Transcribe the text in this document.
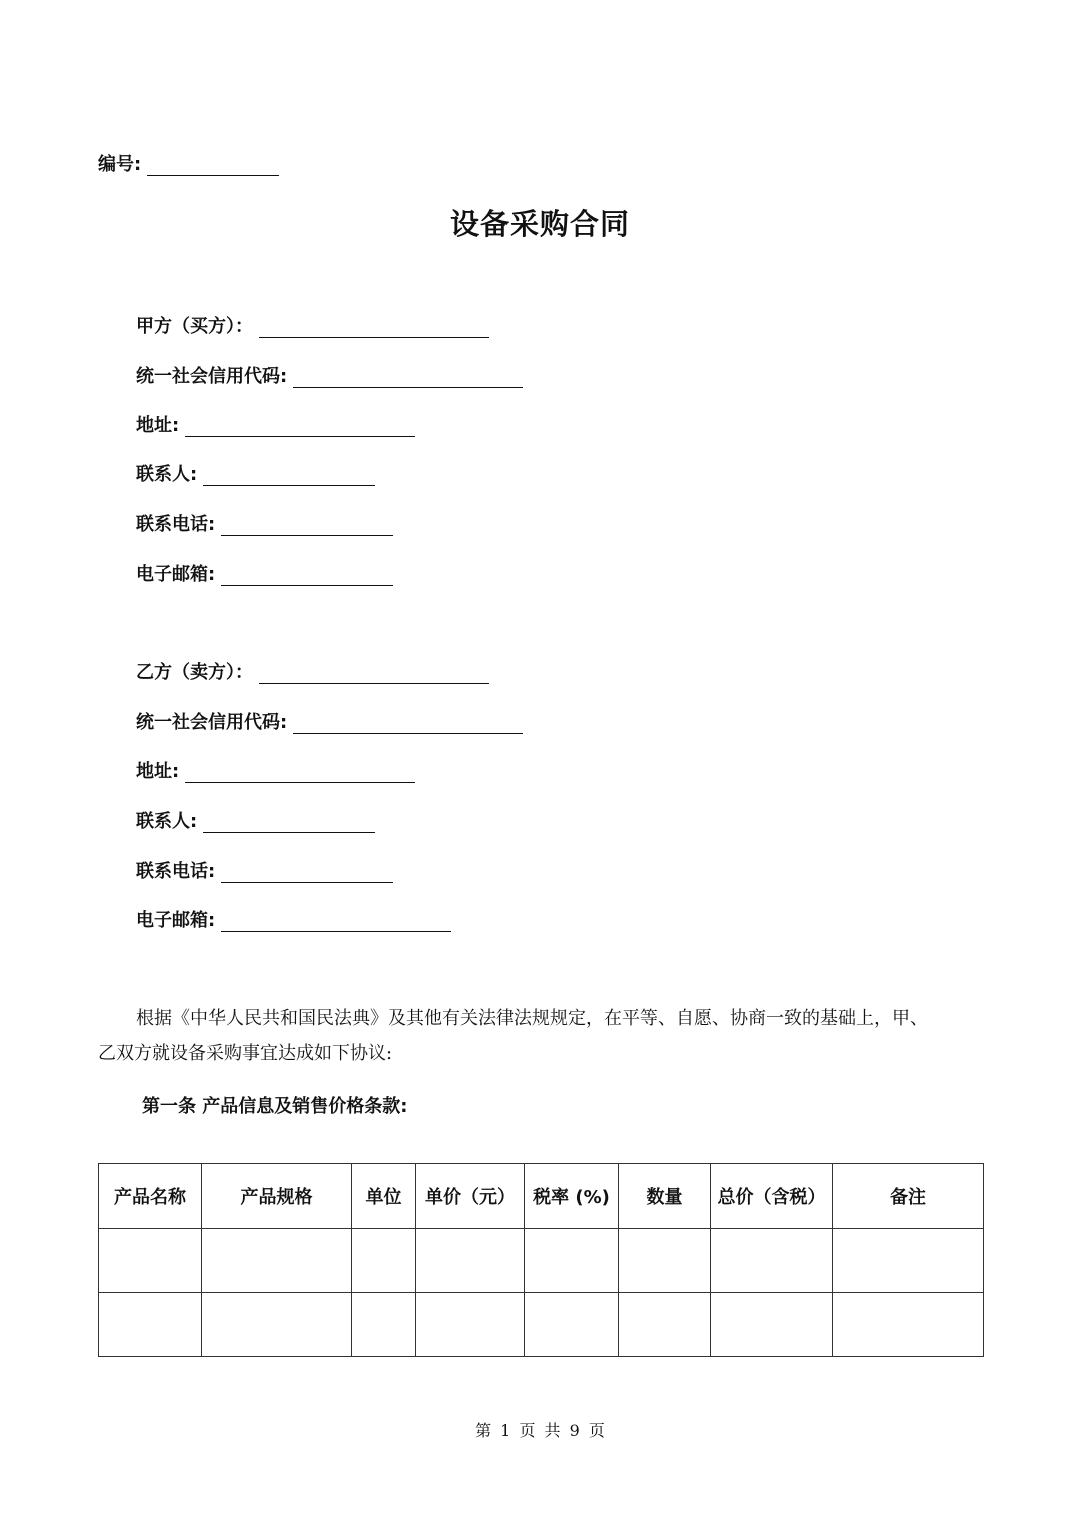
编号:
设备采购合同
甲方（买方）：
统一社会信用代码:
地址:
联系人:
联系电话:
电子邮箱:
乙方（卖方）：
统一社会信用代码:
地址:
联系人:
联系电话:
电子邮箱:
根据《中华人民共和国民法典》及其他有关法律法规规定，在平等、自愿、协商一致的基础上，甲、
乙双方就设备采购事宜达成如下协议:
第一条 产品信息及销售价格条款:
产品名称	产品规格	单位	单价（元）	税率 (%)	数量	总价（含税）	备注

第 1 页 共 9 页
